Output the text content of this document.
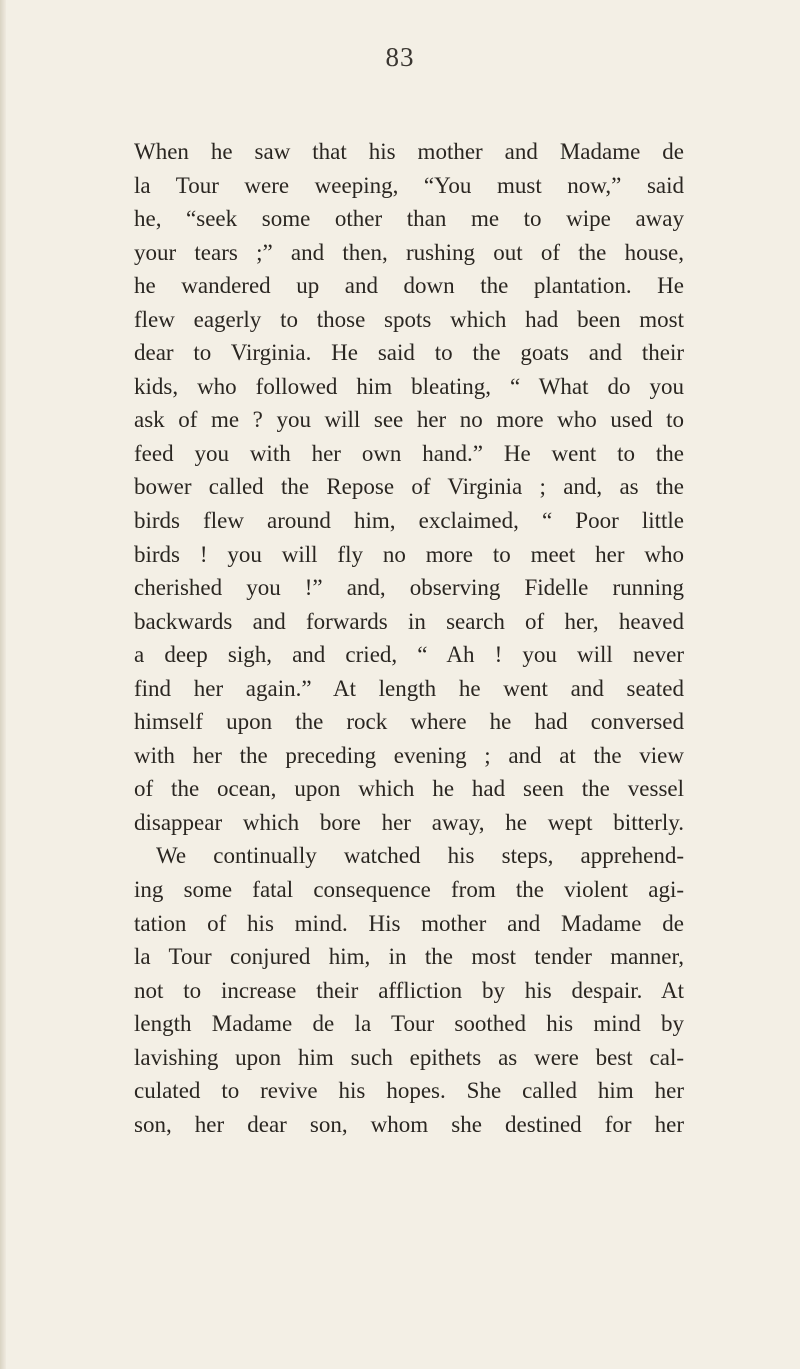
83
When he saw that his mother and Madame de
la Tour were weeping, “You must now,” said
he, “seek some other than me to wipe away
your tears ;” and then, rushing out of the house,
he wandered up and down the plantation. He
flew eagerly to those spots which had been most
dear to Virginia. He said to the goats and their
kids, who followed him bleating, “ What do you
ask of me ? you will see her no more who used to
feed you with her own hand.” He went to the
bower called the Repose of Virginia ; and, as the
birds flew around him, exclaimed, “ Poor little
birds ! you will fly no more to meet her who
cherished you !” and, observing Fidelle running
backwards and forwards in search of her, heaved
a deep sigh, and cried, “ Ah ! you will never
find her again.” At length he went and seated
himself upon the rock where he had conversed
with her the preceding evening ; and at the view
of the ocean, upon which he had seen the vessel
disappear which bore her away, he wept bitterly.
We continually watched his steps, apprehend-
ing some fatal consequence from the violent agi-
tation of his mind. His mother and Madame de
la Tour conjured him, in the most tender manner,
not to increase their affliction by his despair. At
length Madame de la Tour soothed his mind by
lavishing upon him such epithets as were best cal-
culated to revive his hopes. She called him her
son, her dear son, whom she destined for her
